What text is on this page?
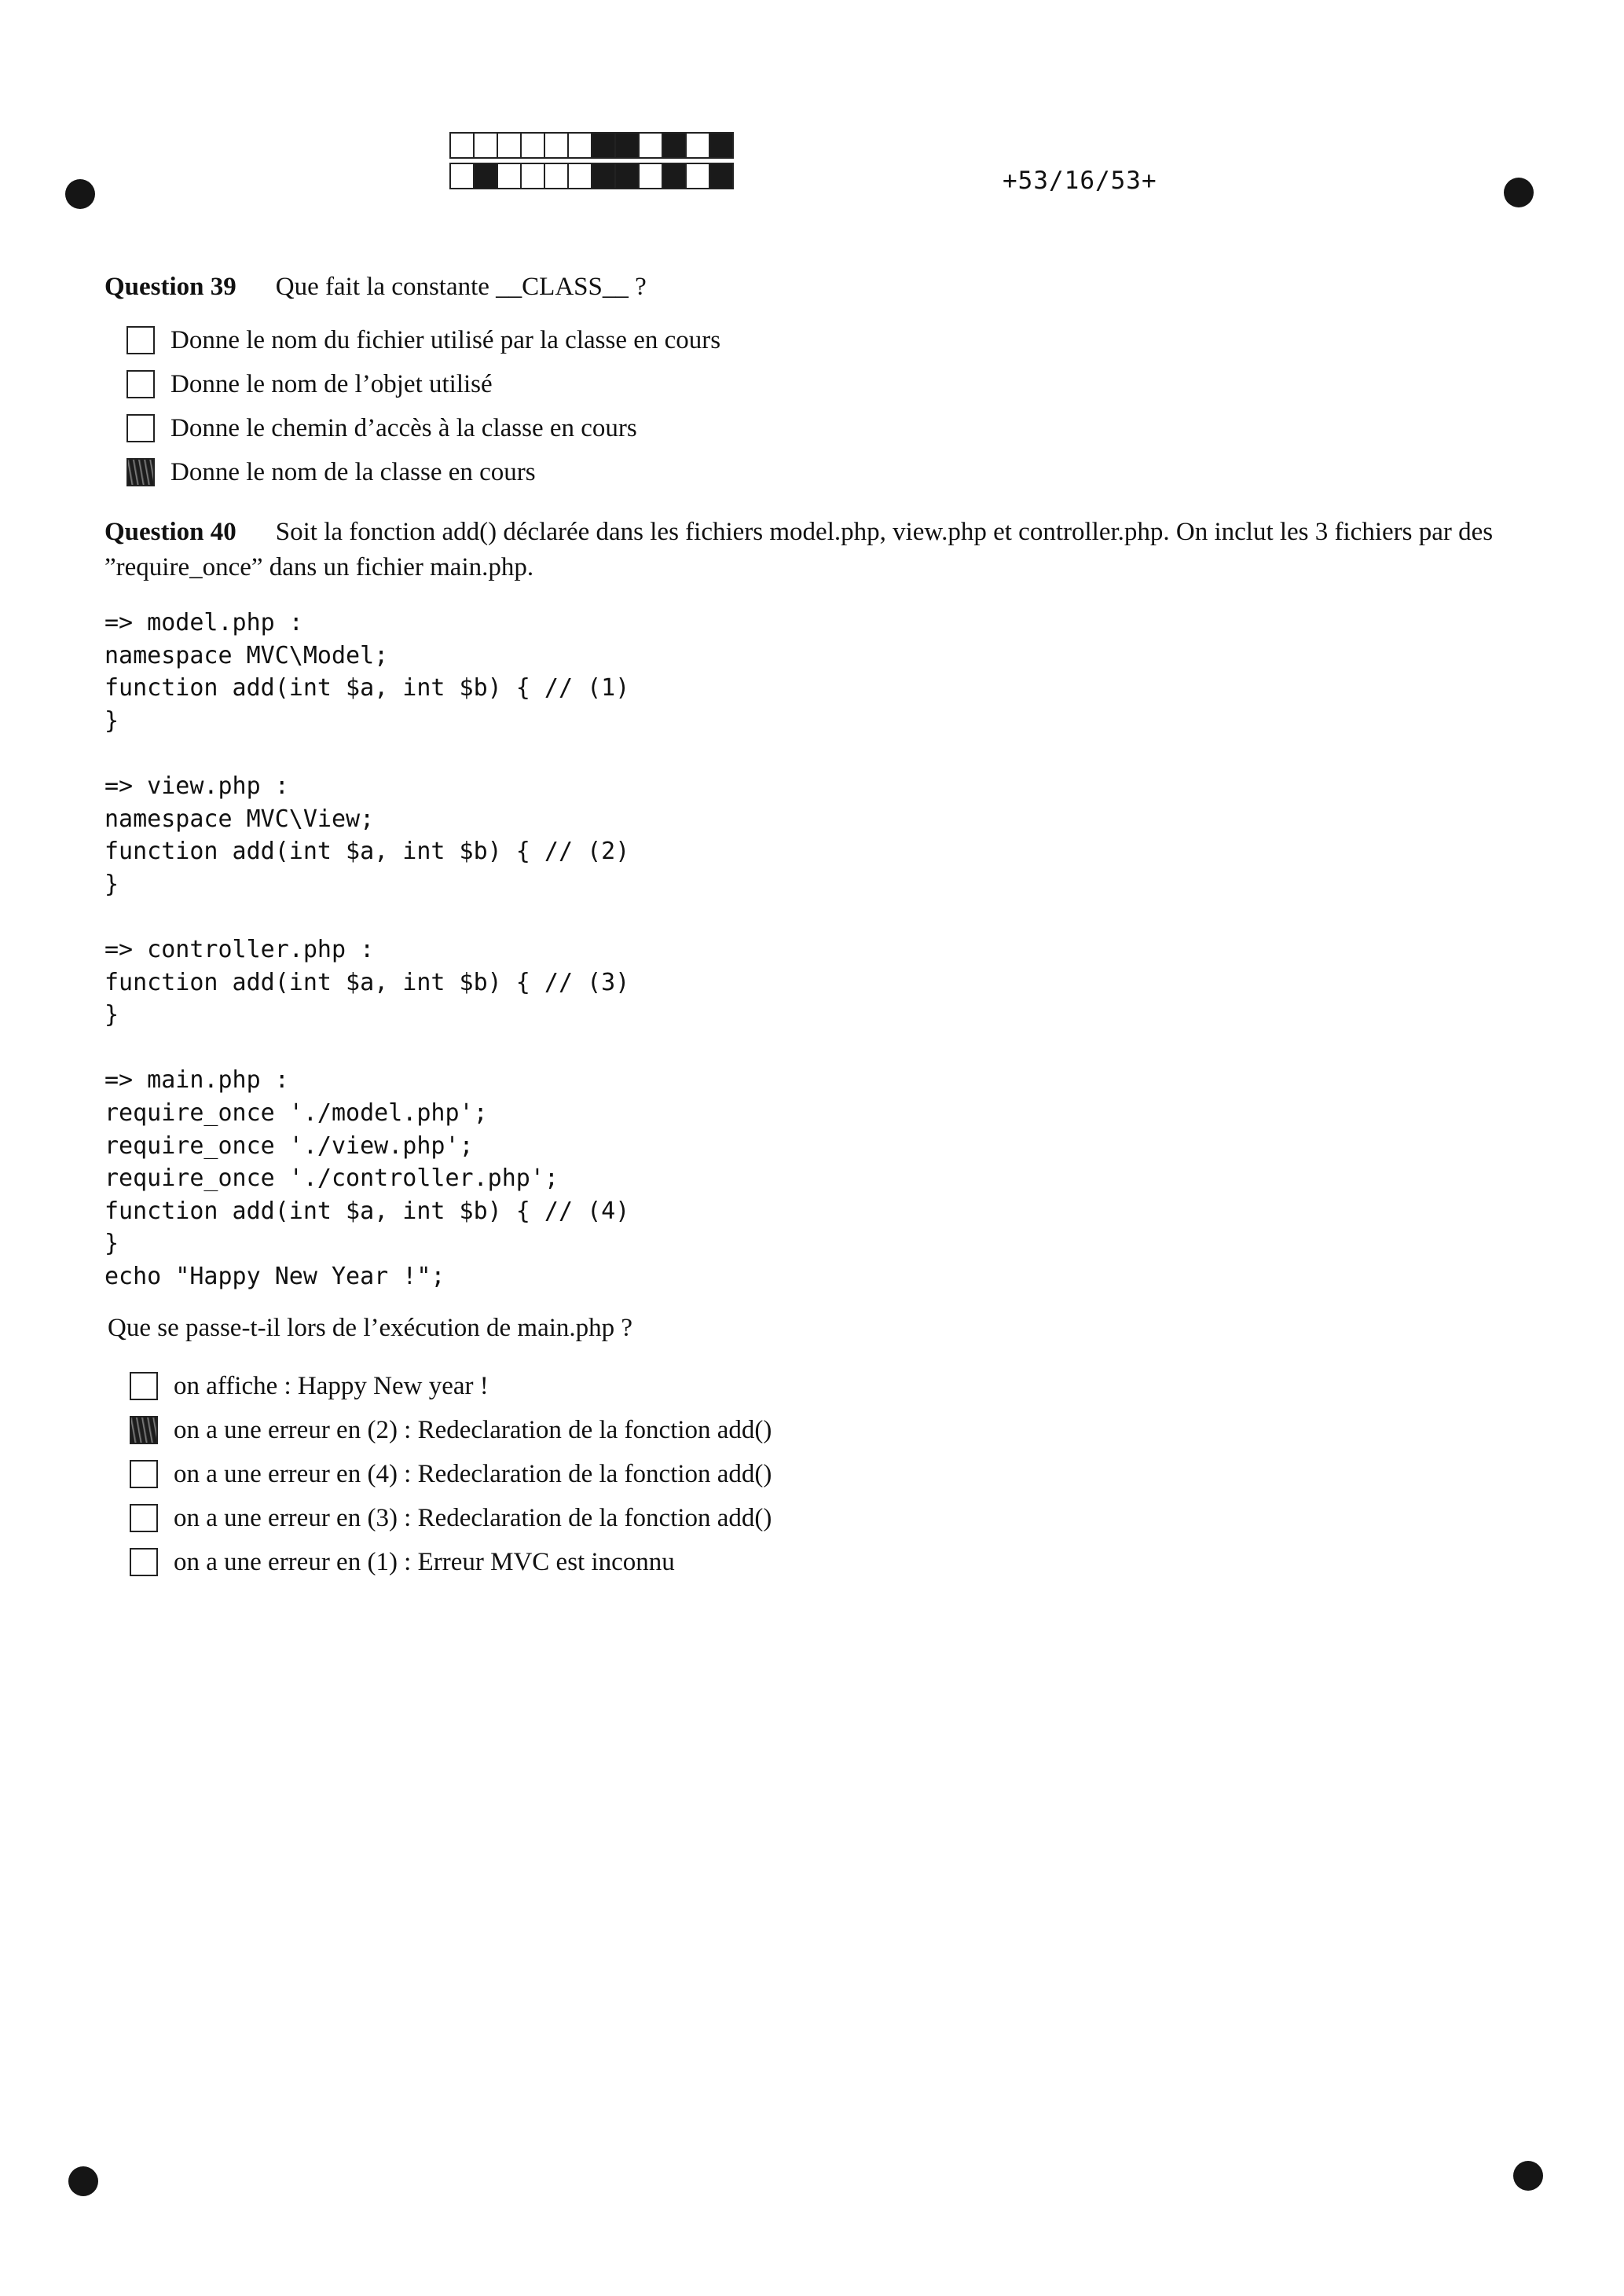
+53/16/53+
Question 39 Que fait la constante __CLASS__ ?
Donne le nom du fichier utilisé par la classe en cours
Donne le nom de l’objet utilisé
Donne le chemin d’accès à la classe en cours
Donne le nom de la classe en cours
Question 40 Soit la fonction add() déclarée dans les fichiers model.php, view.php et controller.php. On inclut les 3 fichiers par des ”require_once” dans un fichier main.php.
=> model.php :
namespace MVC\Model;
function add(int $a, int $b) { // (1)
}

=> view.php :
namespace MVC\View;
function add(int $a, int $b) { // (2)
}

=> controller.php :
function add(int $a, int $b) { // (3)
}

=> main.php :
require_once './model.php';
require_once './view.php';
require_once './controller.php';
function add(int $a, int $b) { // (4)
}
echo "Happy New Year !";
Que se passe-t-il lors de l’exécution de main.php ?
on affiche : Happy New year !
on a une erreur en (2) : Redeclaration de la fonction add()
on a une erreur en (4) : Redeclaration de la fonction add()
on a une erreur en (3) : Redeclaration de la fonction add()
on a une erreur en (1) : Erreur MVC est inconnu
